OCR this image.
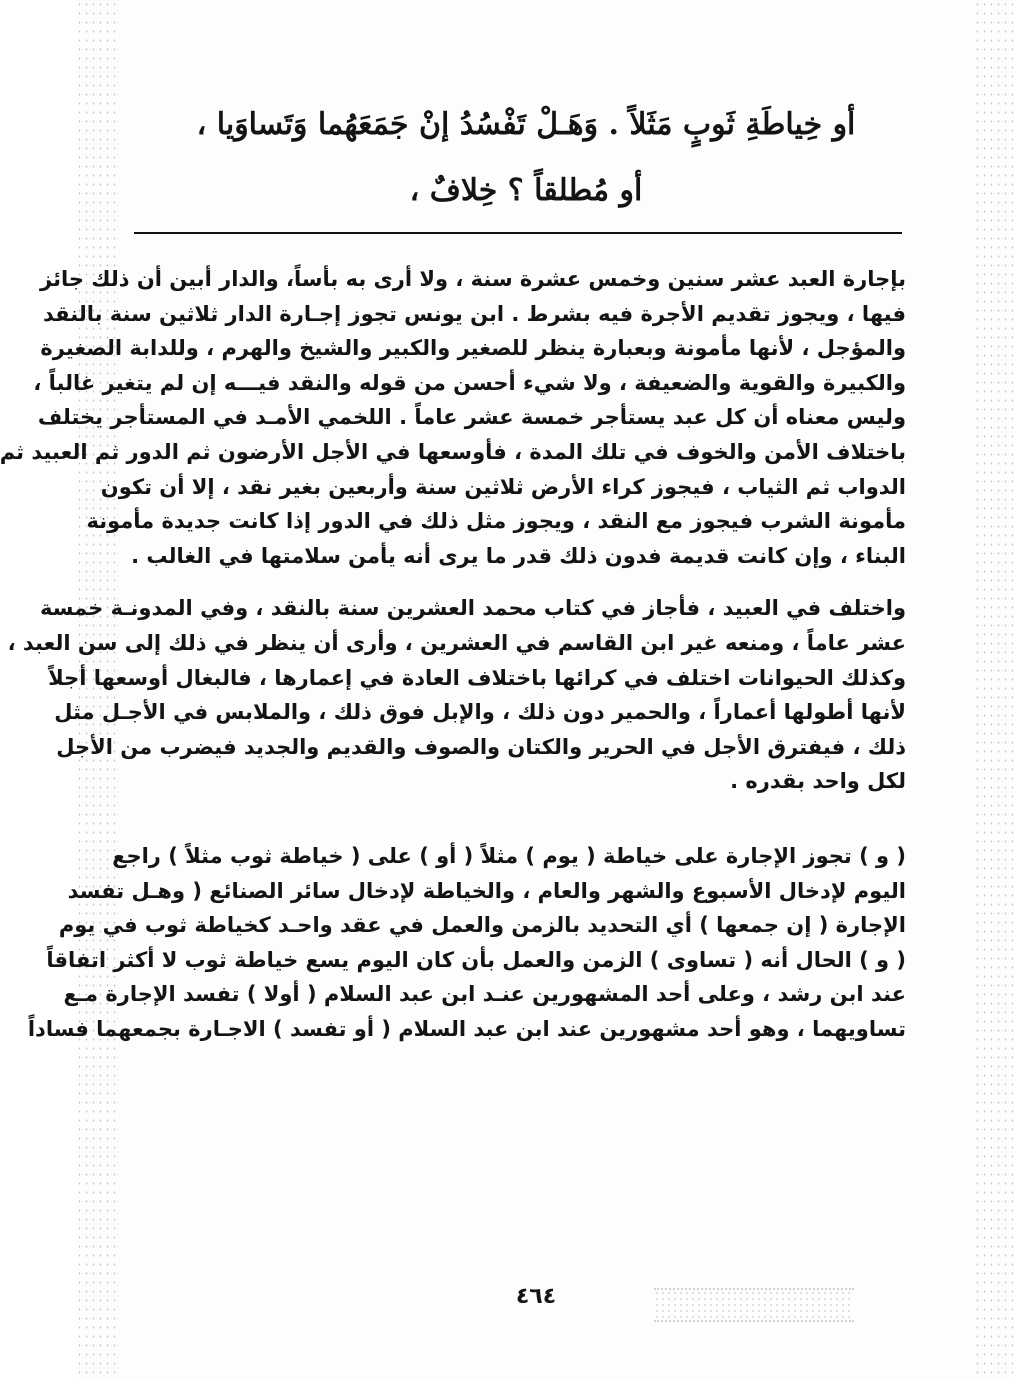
أو خِياطَةِ ثَوبٍ مَثَلاً . وَهَـلْ تَفْسُدُ إنْ جَمَعَهُما وَتَساوَيا ،
أو مُطلقاً ؟ خِلافٌ ،
بإجارة العبد عشر سنين وخمس عشرة سنة ، ولا أرى به بأساً، والدار أبين أن ذلك جائز
فيها ، ويجوز تقديم الأجرة فيه بشرط . ابن يونس تجوز إجـارة الدار ثلاثين سنة بالنقد
والمؤجل ، لأنها مأمونة وبعبارة ينظر للصغير والكبير والشيخ والهرم ، وللدابة الصغيرة
والكبيرة والقوية والضعيفة ، ولا شيء أحسن من قوله والنقد فيـــه إن لم يتغير غالباً ،
وليس معناه أن كل عبد يستأجر خمسة عشر عاماً . اللخمي الأمـد في المستأجر يختلف
باختلاف الأمن والخوف في تلك المدة ، فأوسعها في الأجل الأرضون ثم الدور ثم العبيد ثم
الدواب ثم الثياب ، فيجوز كراء الأرض ثلاثين سنة وأربعين بغير نقد ، إلا أن تكون
مأمونة الشرب فيجوز مع النقد ، ويجوز مثل ذلك في الدور إذا كانت جديدة مأمونة
البناء ، وإن كانت قديمة فدون ذلك قدر ما يرى أنه يأمن سلامتها في الغالب .
واختلف في العبيد ، فأجاز في كتاب محمد العشرين سنة بالنقد ، وفي المدونـة خمسة
عشر عاماً ، ومنعه غير ابن القاسم في العشرين ، وأرى أن ينظر في ذلك إلى سن العبد ،
وكذلك الحيوانات اختلف في كرائها باختلاف العادة في إعمارها ، فالبغال أوسعها أجلاً
لأنها أطولها أعماراً ، والحمير دون ذلك ، والإبل فوق ذلك ، والملابس في الأجـل مثل
ذلك ، فيفترق الأجل في الحرير والكتان والصوف والقديم والجديد فيضرب من الأجل
لكل واحد بقدره .
( و ) تجوز الإجارة على خياطة ( يوم ) مثلاً ( أو ) على ( خياطة ثوب مثلاً ) راجع
اليوم لإدخال الأسبوع والشهر والعام ، والخياطة لإدخال سائر الصنائع ( وهـل تفسد
الإجارة ( إن جمعها ) أي التحديد بالزمن والعمل في عقد واحـد كخياطة ثوب في يوم
( و ) الحال أنه ( تساوى ) الزمن والعمل بأن كان اليوم يسع خياطة ثوب لا أكثر اتفاقاً
عند ابن رشد ، وعلى أحد المشهورين عنـد ابن عبد السلام ( أولا ) تفسد الإجارة مـع
تساويهما ، وهو أحد مشهورين عند ابن عبد السلام ( أو تفسد ) الاجـارة بجمعهما فساداً
٤٦٤
